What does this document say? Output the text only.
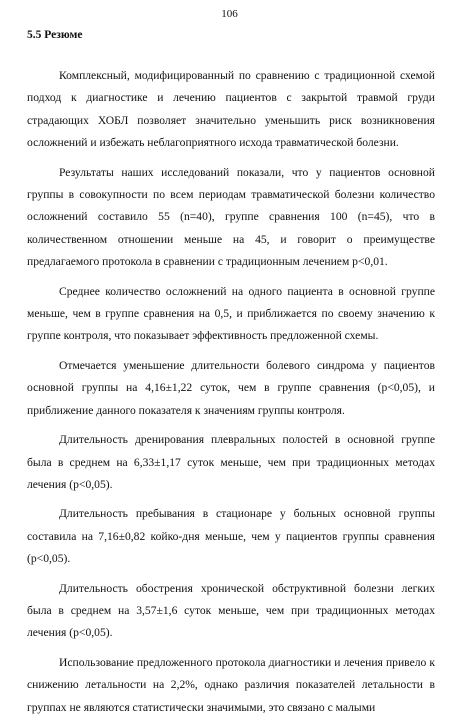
106
5.5 Резюме

Комплексный, модифицированный по сравнению с традиционной схемой подход к диагностике и лечению пациентов с закрытой травмой груди страдающих ХОБЛ позволяет значительно уменьшить риск возникновения осложнений и избежать неблагоприятного исхода травматической болезни.

Результаты наших исследований показали, что у пациентов основной группы в совокупности по всем периодам травматической болезни количество осложнений составило 55 (n=40), группе сравнения 100 (n=45), что в количественном отношении меньше на 45, и говорит о преимуществе предлагаемого протокола в сравнении с традиционным лечением p<0,01.

Среднее количество осложнений на одного пациента в основной группе меньше, чем в группе сравнения на 0,5, и приближается по своему значению к группе контроля, что показывает эффективность предложенной схемы.

Отмечается уменьшение длительности болевого синдрома у пациентов основной группы на 4,16±1,22 суток, чем в группе сравнения (p<0,05), и приближение данного показателя к значениям группы контроля.

Длительность дренирования плевральных полостей в основной группе была в среднем на 6,33±1,17 суток меньше, чем при традиционных методах лечения (p<0,05).

Длительность пребывания в стационаре у больных основной группы составила на 7,16±0,82 койко-дня меньше, чем у пациентов группы сравнения (p<0,05).

Длительность обострения хронической обструктивной болезни легких была в среднем на 3,57±1,6 суток меньше, чем при традиционных методах лечения (p<0,05).

Использование предложенного протокола диагностики и лечения привело к снижению летальности на 2,2%, однако различия показателей летальности в группах не являются статистически значимыми, это связано с малыми
